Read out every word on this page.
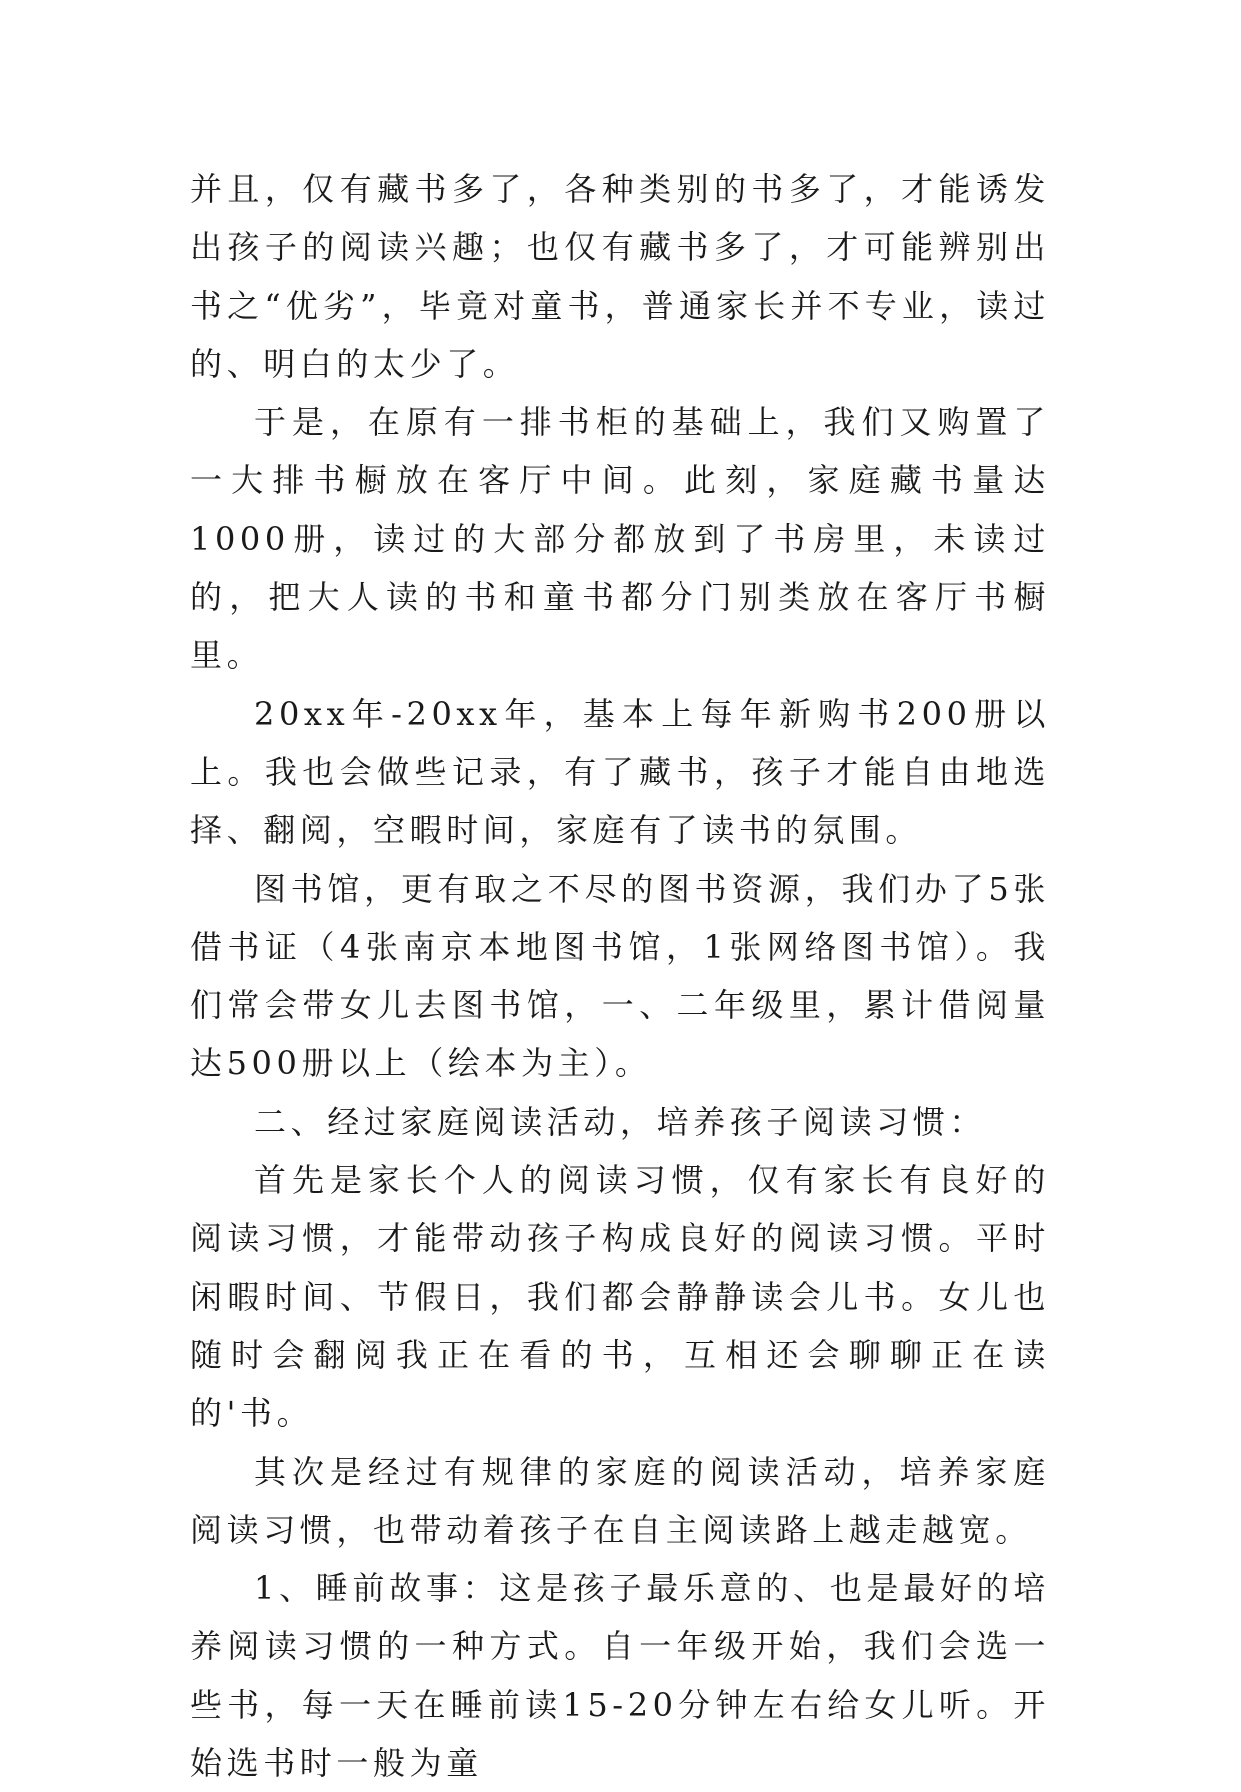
并且，仅有藏书多了，各种类别的书多了，才能诱发出孩子的阅读兴趣；也仅有藏书多了，才可能辨别出书之“优劣”，毕竟对童书，普通家长并不专业，读过的、明白的太少了。

于是，在原有一排书柜的基础上，我们又购置了一大排书橱放在客厅中间。此刻，家庭藏书量达1000册，读过的大部分都放到了书房里，未读过的，把大人读的书和童书都分门别类放在客厅书橱里。

20xx年-20xx年，基本上每年新购书200册以上。我也会做些记录，有了藏书，孩子才能自由地选择、翻阅，空暇时间，家庭有了读书的氛围。

图书馆，更有取之不尽的图书资源，我们办了5张借书证（4张南京本地图书馆，1张网络图书馆）。我们常会带女儿去图书馆，一、二年级里，累计借阅量达500册以上（绘本为主）。

二、经过家庭阅读活动，培养孩子阅读习惯：

首先是家长个人的阅读习惯，仅有家长有良好的阅读习惯，才能带动孩子构成良好的阅读习惯。平时闲暇时间、节假日，我们都会静静读会儿书。女儿也随时会翻阅我正在看的书，互相还会聊聊正在读的'书。

其次是经过有规律的家庭的阅读活动，培养家庭阅读习惯，也带动着孩子在自主阅读路上越走越宽。

1、睡前故事：这是孩子最乐意的、也是最好的培养阅读习惯的一种方式。自一年级开始，我们会选一些书，每一天在睡前读15-20分钟左右给女儿听。开始选书时一般为童
